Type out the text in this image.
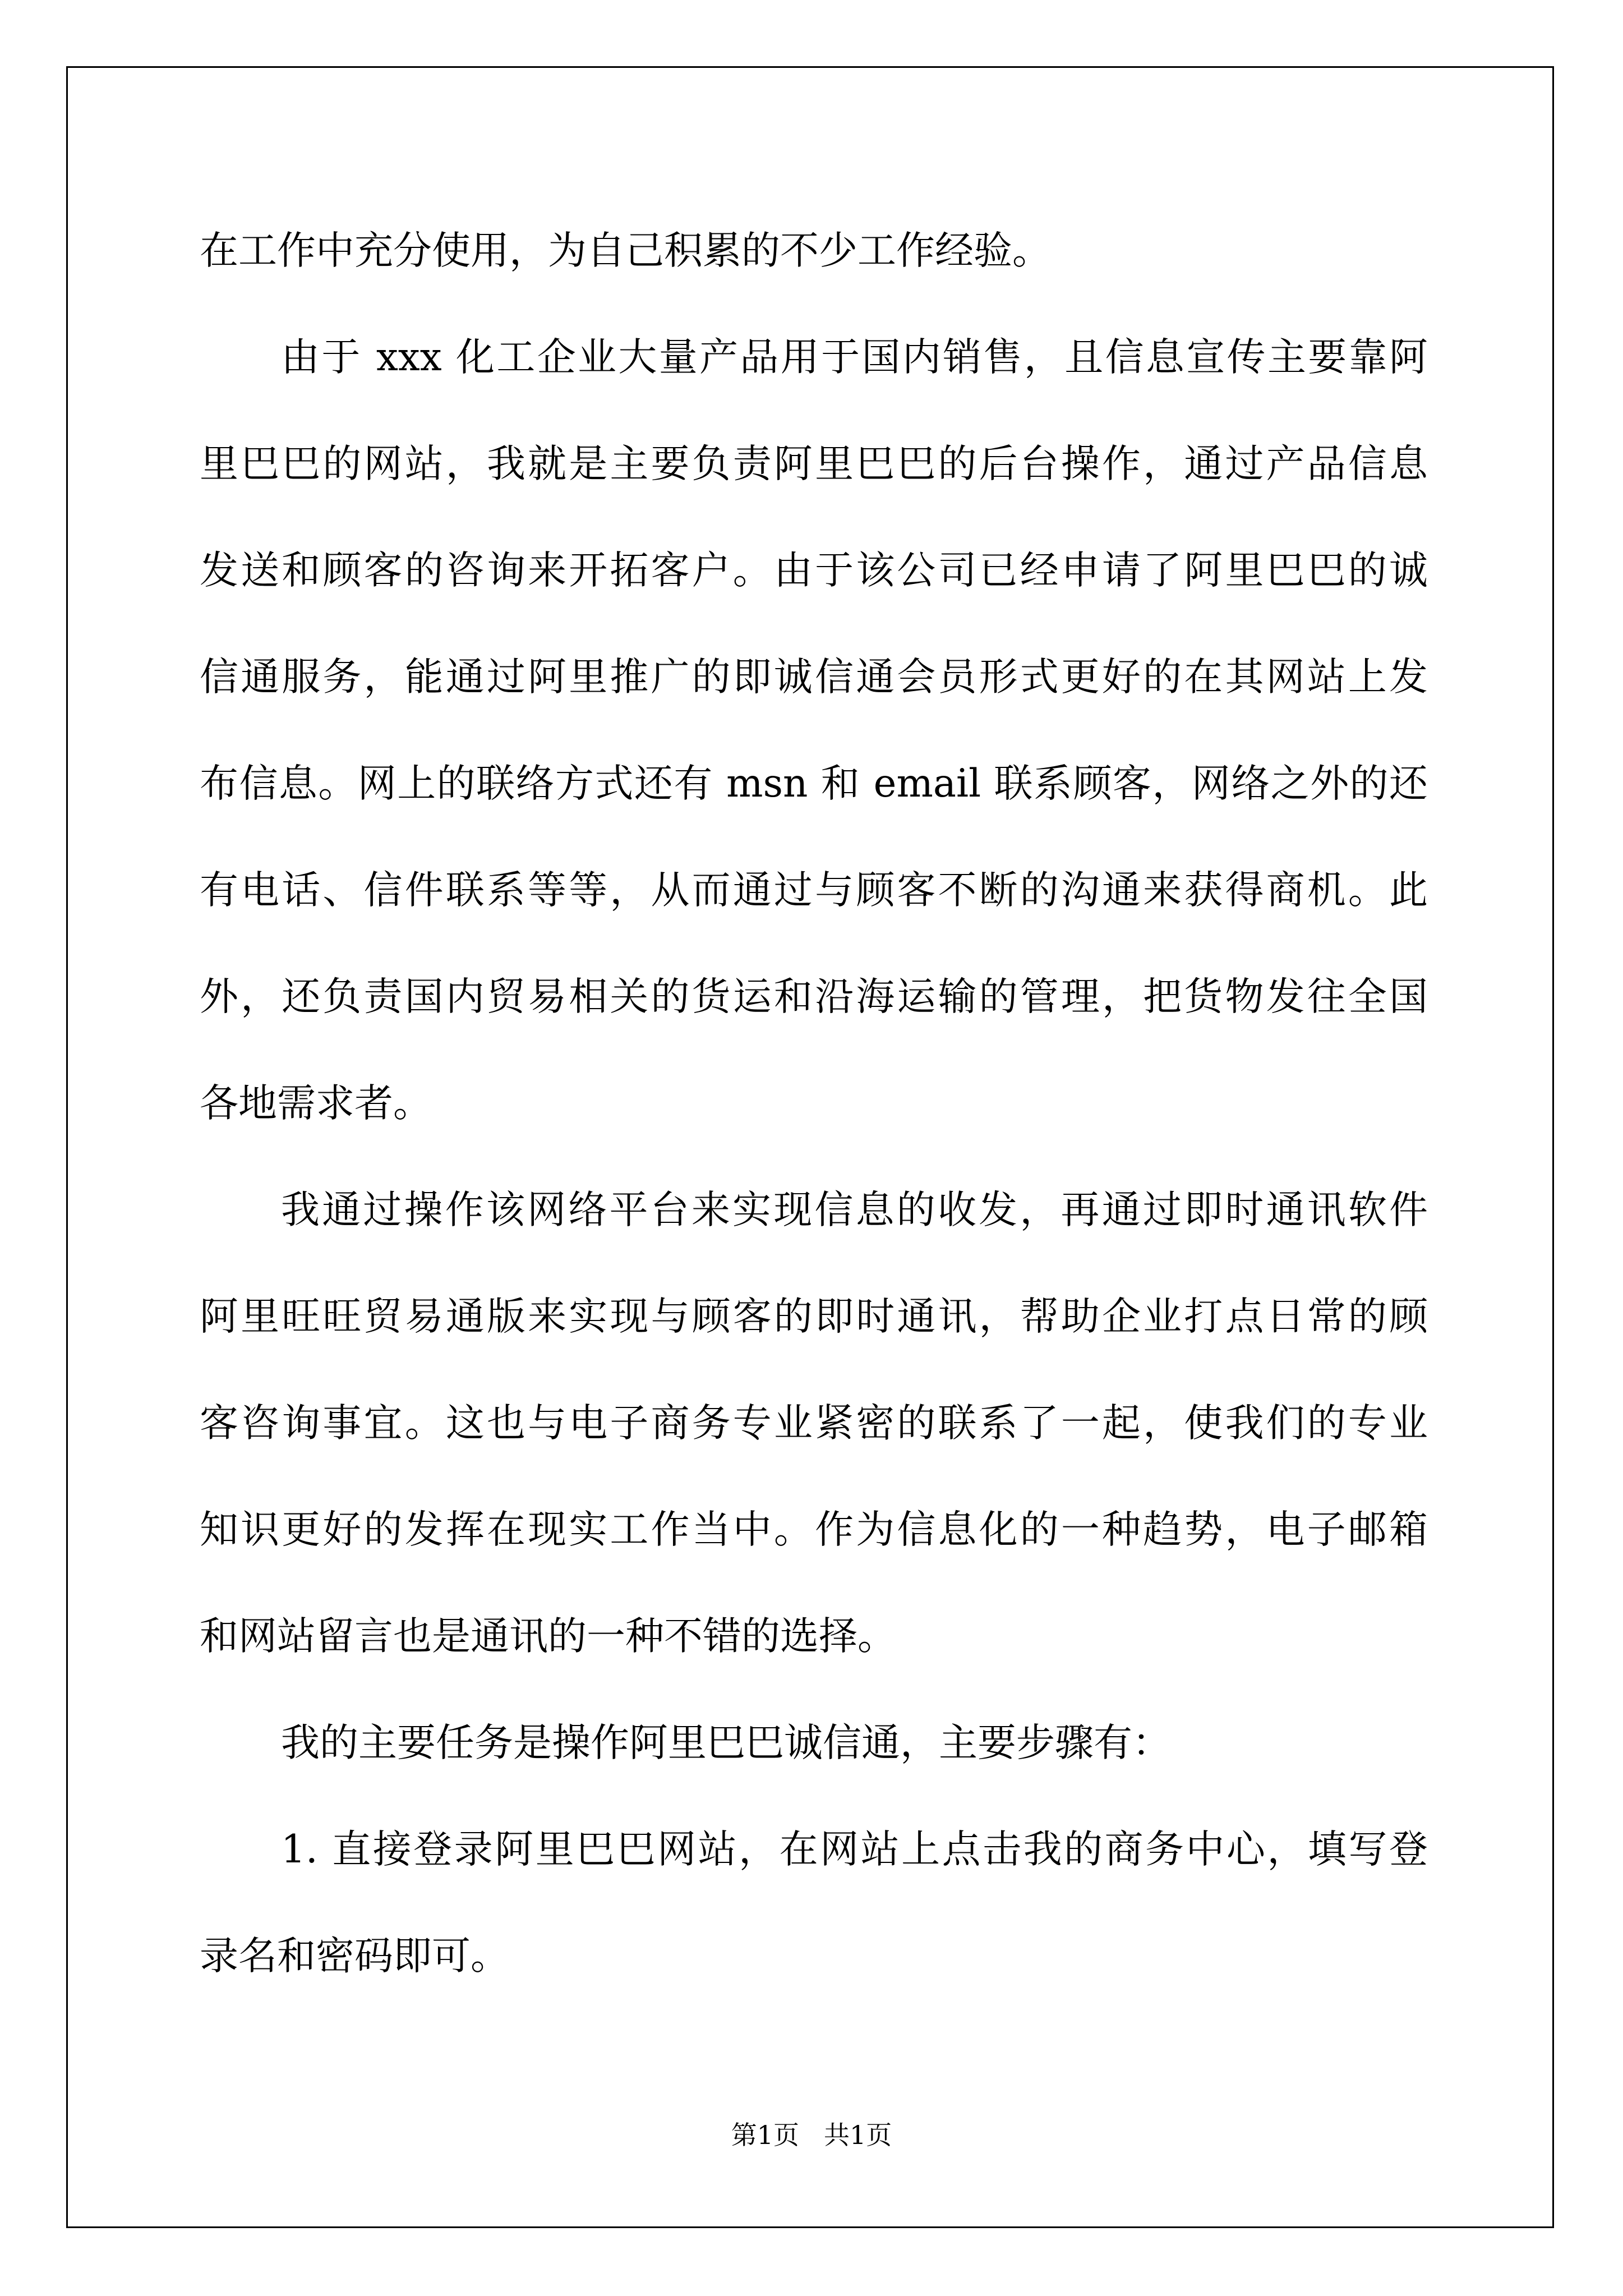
在工作中充分使用，为自己积累的不少工作经验。
由于 xxx 化工企业大量产品用于国内销售，且信息宣传主要靠阿
里巴巴的网站，我就是主要负责阿里巴巴的后台操作，通过产品信息
发送和顾客的咨询来开拓客户。由于该公司已经申请了阿里巴巴的诚
信通服务，能通过阿里推广的即诚信通会员形式更好的在其网站上发
布信息。网上的联络方式还有 msn 和 email 联系顾客，网络之外的还
有电话、信件联系等等，从而通过与顾客不断的沟通来获得商机。此
外，还负责国内贸易相关的货运和沿海运输的管理，把货物发往全国
各地需求者。
我通过操作该网络平台来实现信息的收发，再通过即时通讯软件
阿里旺旺贸易通版来实现与顾客的即时通讯，帮助企业打点日常的顾
客咨询事宜。这也与电子商务专业紧密的联系了一起，使我们的专业
知识更好的发挥在现实工作当中。作为信息化的一种趋势，电子邮箱
和网站留言也是通讯的一种不错的选择。
我的主要任务是操作阿里巴巴诚信通，主要步骤有：
1. 直接登录阿里巴巴网站，在网站上点击我的商务中心，填写登
录名和密码即可。
第1页 共1页
